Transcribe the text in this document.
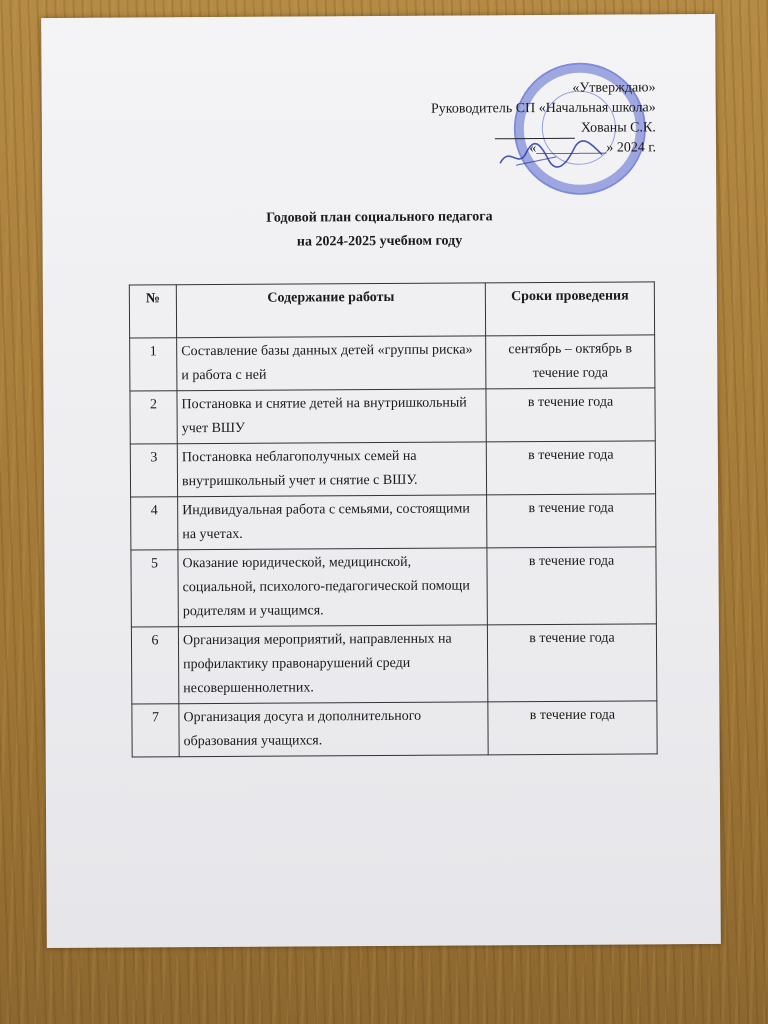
«Утверждаю»
Руководитель СП «Начальная школа»
Хованы С.К.
«__________» 2024 г.
Годовой план социального педагога
на 2024-2025 учебном году
№	Содержание работы	Сроки проведения
1	Составление базы данных детей «группы риска» и работа с ней	сентябрь – октябрь в течение года
2	Постановка и снятие детей на внутришкольный учет ВШУ	в течение года
3	Постановка неблагополучных семей на внутришкольный учет и снятие с ВШУ.	в течение года
4	Индивидуальная работа с семьями, состоящими на учетах.	в течение года
5	Оказание юридической, медицинской, социальной, психолого-педагогической помощи родителям и учащимся.	в течение года
6	Организация мероприятий, направленных на профилактику правонарушений среди несовершеннолетних.	в течение года
7	Организация досуга и дополнительного образования учащихся.	в течение года
